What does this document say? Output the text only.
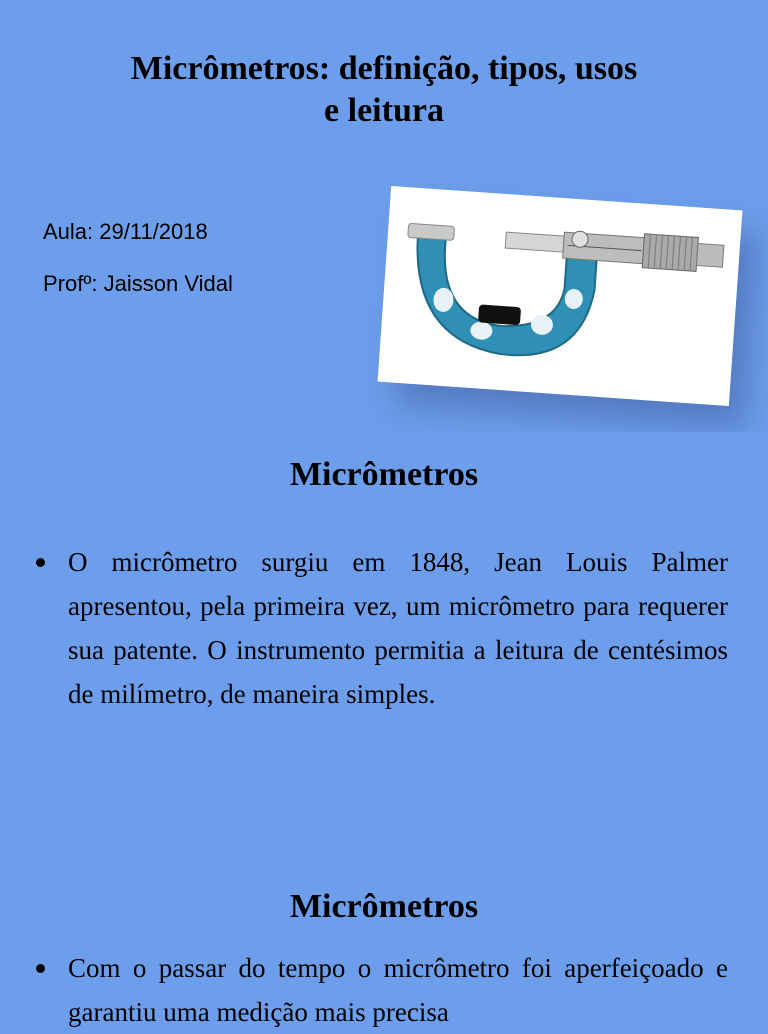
Micrômetros: definição, tipos, usos
e leitura
Aula: 29/11/2018
Profº: Jaisson Vidal
Micrômetros
O micrômetro surgiu em 1848, Jean Louis Palmer apresentou, pela primeira vez, um micrômetro para requerer sua patente. O instrumento permitia a leitura de centésimos de milímetro, de maneira simples.
Micrômetros
Com o passar do tempo o micrômetro foi aperfeiçoado e garantiu uma medição mais precisa
